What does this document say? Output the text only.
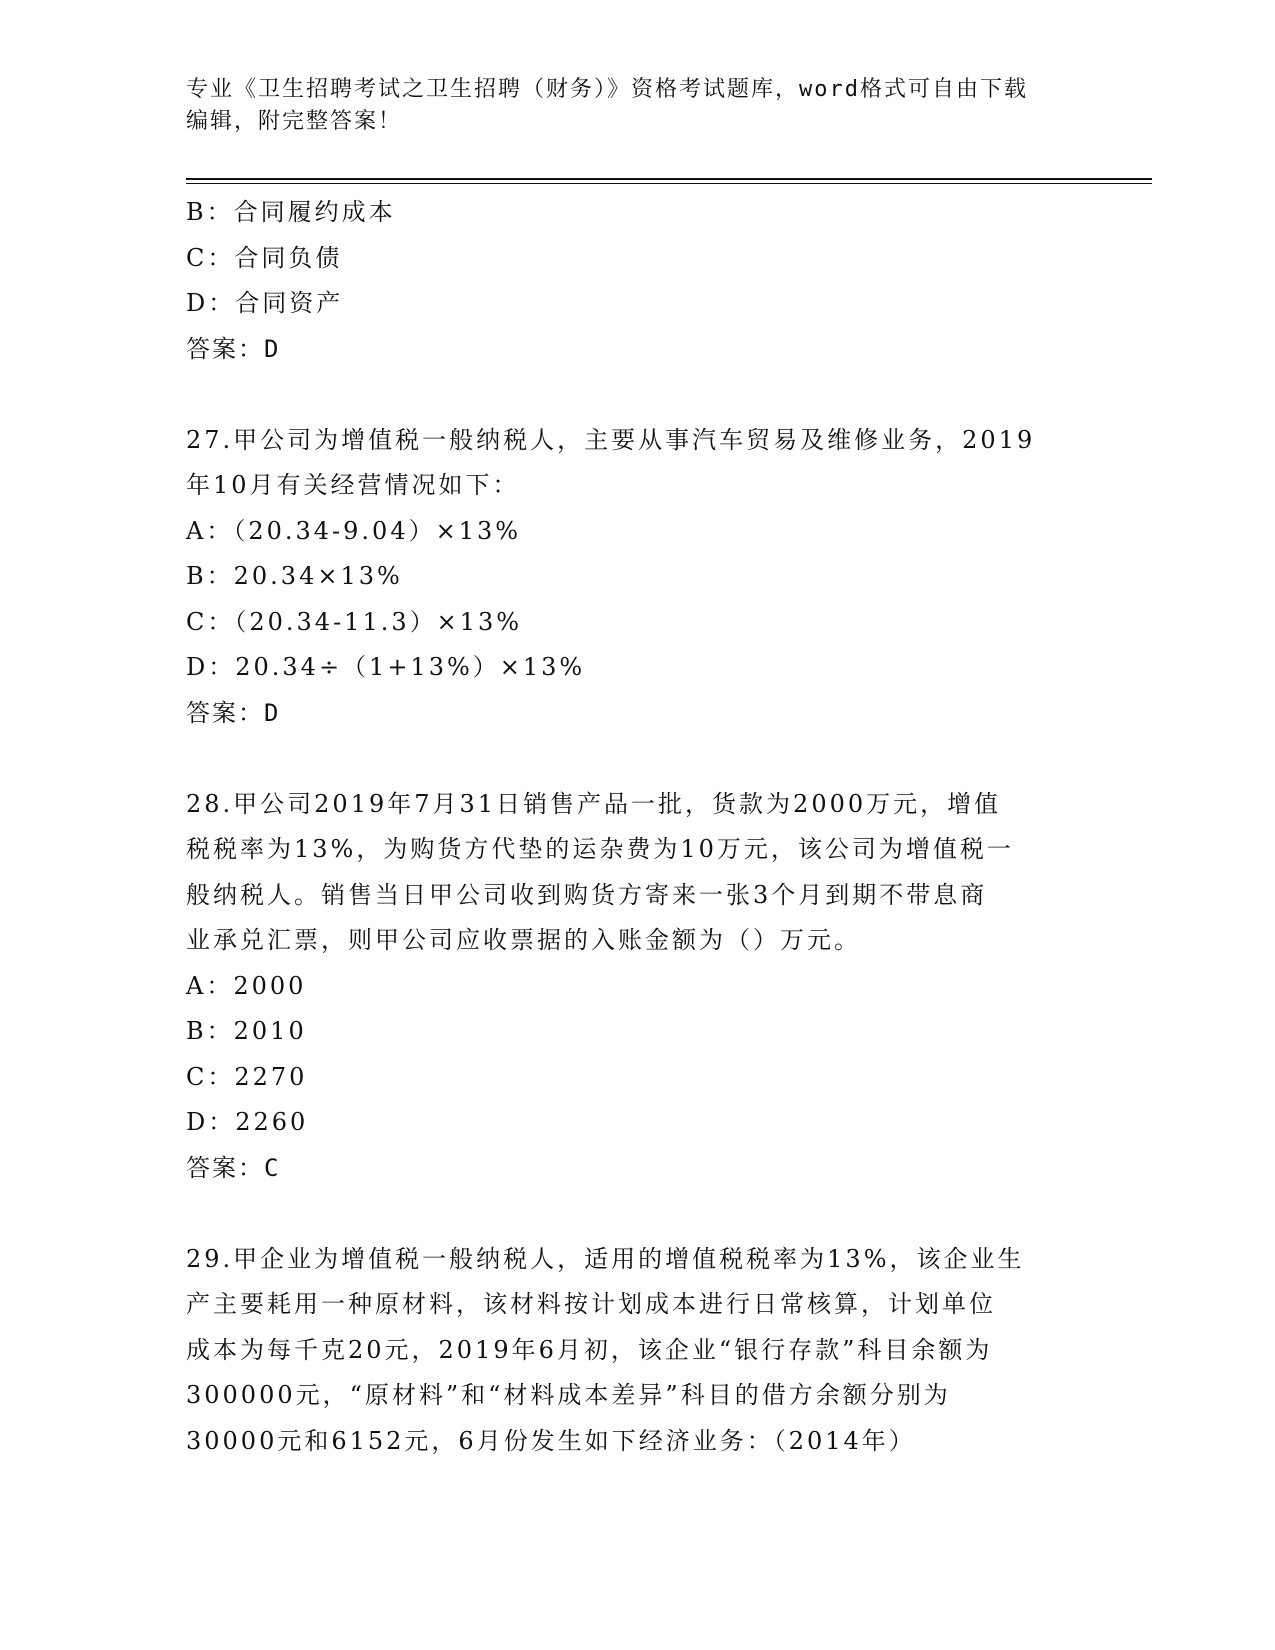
专业《卫生招聘考试之卫生招聘（财务）》资格考试题库，word格式可自由下载
编辑，附完整答案！
B：合同履约成本
C：合同负债
D：合同资产
答案：D
27.甲公司为增值税一般纳税人，主要从事汽车贸易及维修业务，2019
年10月有关经营情况如下：
A：（20.34-9.04）×13%
B：20.34×13%
C：（20.34-11.3）×13%
D：20.34÷（1+13%）×13%
答案：D
28.甲公司2019年7月31日销售产品一批，货款为2000万元，增值
税税率为13%，为购货方代垫的运杂费为10万元，该公司为增值税一
般纳税人。销售当日甲公司收到购货方寄来一张3个月到期不带息商
业承兑汇票，则甲公司应收票据的入账金额为（）万元。
A：2000
B：2010
C：2270
D：2260
答案：C
29.甲企业为增值税一般纳税人，适用的增值税税率为13%，该企业生
产主要耗用一种原材料，该材料按计划成本进行日常核算，计划单位
成本为每千克20元，2019年6月初，该企业“银行存款”科目余额为
300000元，“原材料”和“材料成本差异”科目的借方余额分别为
30000元和6152元，6月份发生如下经济业务：（2014年）
